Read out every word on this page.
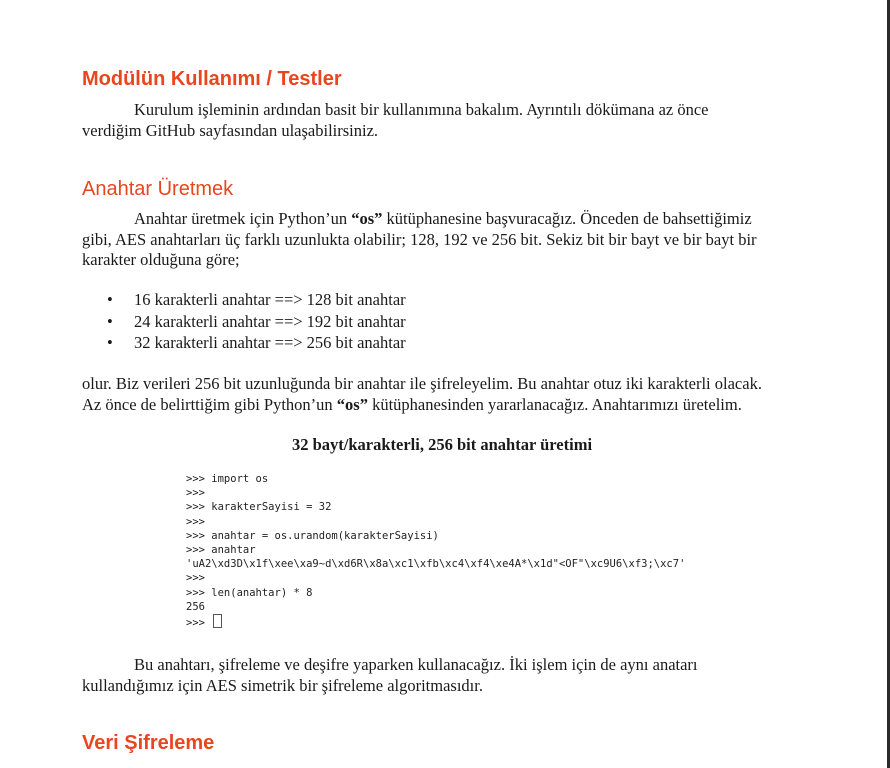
Modülün Kullanımı / Testler

Kurulum işleminin ardından basit bir kullanımına bakalım. Ayrıntılı dökümana az önce
verdiğim GitHub sayfasından ulaşabilirsiniz.

Anahtar Üretmek

Anahtar üretmek için Python’un “os” kütüphanesine başvuracağız. Önceden de bahsettiğimiz
gibi, AES anahtarları üç farklı uzunlukta olabilir; 128, 192 ve 256 bit. Sekiz bit bir bayt ve bir bayt bir
karakter olduğuna göre;

• 16 karakterli anahtar ==> 128 bit anahtar
• 24 karakterli anahtar ==> 192 bit anahtar
• 32 karakterli anahtar ==> 256 bit anahtar

olur. Biz verileri 256 bit uzunluğunda bir anahtar ile şifreleyelim. Bu anahtar otuz iki karakterli olacak.
Az önce de belirttiğim gibi Python’un “os” kütüphanesinden yararlanacağız. Anahtarımızı üretelim.

32 bayt/karakterli, 256 bit anahtar üretimi

>>> import os
>>>
>>> karakterSayisi = 32
>>>
>>> anahtar = os.urandom(karakterSayisi)
>>> anahtar
'uA2\xd3D\x1f\xee\xa9~d\xd6R\x8a\xc1\xfb\xc4\xf4\xe4A*\x1d"<OF"\xc9U6\xf3;\xc7'
>>>
>>> len(anahtar) * 8
256
>>>

Bu anahtarı, şifreleme ve deşifre yaparken kullanacağız. İki işlem için de aynı anatarı
kullandığımız için AES simetrik bir şifreleme algoritmasıdır.

Veri Şifreleme
